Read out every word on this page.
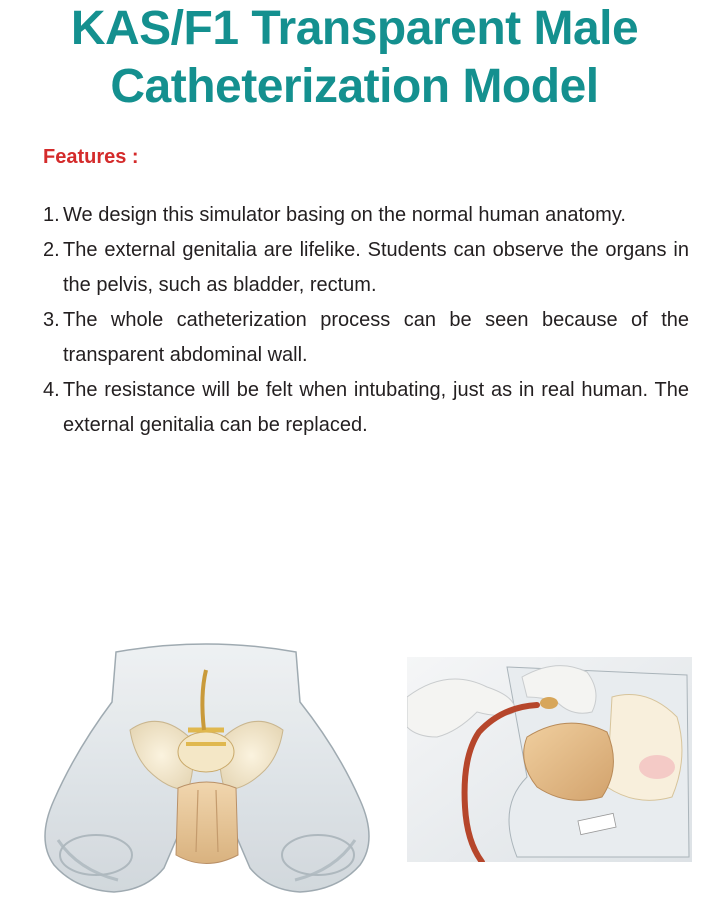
KAS/F1 Transparent Male
Catheterization Model
Features :
1. We design this simulator basing on the normal human anatomy.
2. The external genitalia are lifelike. Students can observe the organs in the pelvis, such as bladder, rectum.
3. The whole catheterization process can be seen because of the transparent abdominal wall.
4. The resistance will be felt when intubating, just as in real human. The external genitalia can be replaced.
